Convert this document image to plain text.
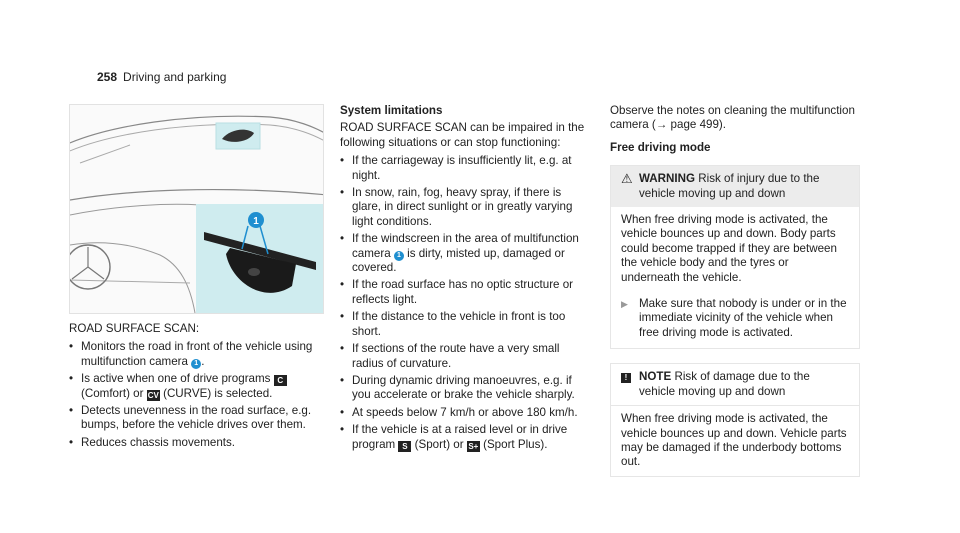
258 Driving and parking
1

ROAD SURFACE SCAN:

• Monitors the road in front of the vehicle using multifunction camera 1 .
• Is active when one of drive programs C (Comfort) or CV (CURVE) is selected.
• Detects unevenness in the road surface, e.g. bumps, before the vehicle drives over them.
• Reduces chassis movements.
System limitations

ROAD SURFACE SCAN can be impaired in the following situations or can stop functioning:

• If the carriageway is insufficiently lit, e.g. at night.
• In snow, rain, fog, heavy spray, if there is glare, in direct sunlight or in greatly varying light conditions.
• If the windscreen in the area of multifunction camera 1 is dirty, misted up, damaged or covered.
• If the road surface has no optic structure or reflects light.
• If the distance to the vehicle in front is too short.
• If sections of the route have a very small radius of curvature.
• During dynamic driving manoeuvres, e.g. if you accelerate or brake the vehicle sharply.
• At speeds below 7 km/h or above 180 km/h.
• If the vehicle is at a raised level or in drive program S (Sport) or S+ (Sport Plus).

Observe the notes on cleaning the multifunction camera (→ page 499).

Free driving mode
⚠ WARNING Risk of injury due to the vehicle moving up and down
When free driving mode is activated, the vehicle bounces up and down. Body parts could become trapped if they are between the vehicle body and the tyres or underneath the vehicle.
▶ Make sure that nobody is under or in the immediate vicinity of the vehicle when free driving mode is activated.
!	NOTE Risk of damage due to the vehicle moving up and down
When free driving mode is activated, the vehicle bounces up and down. Vehicle parts may be damaged if the underbody bottoms out.
